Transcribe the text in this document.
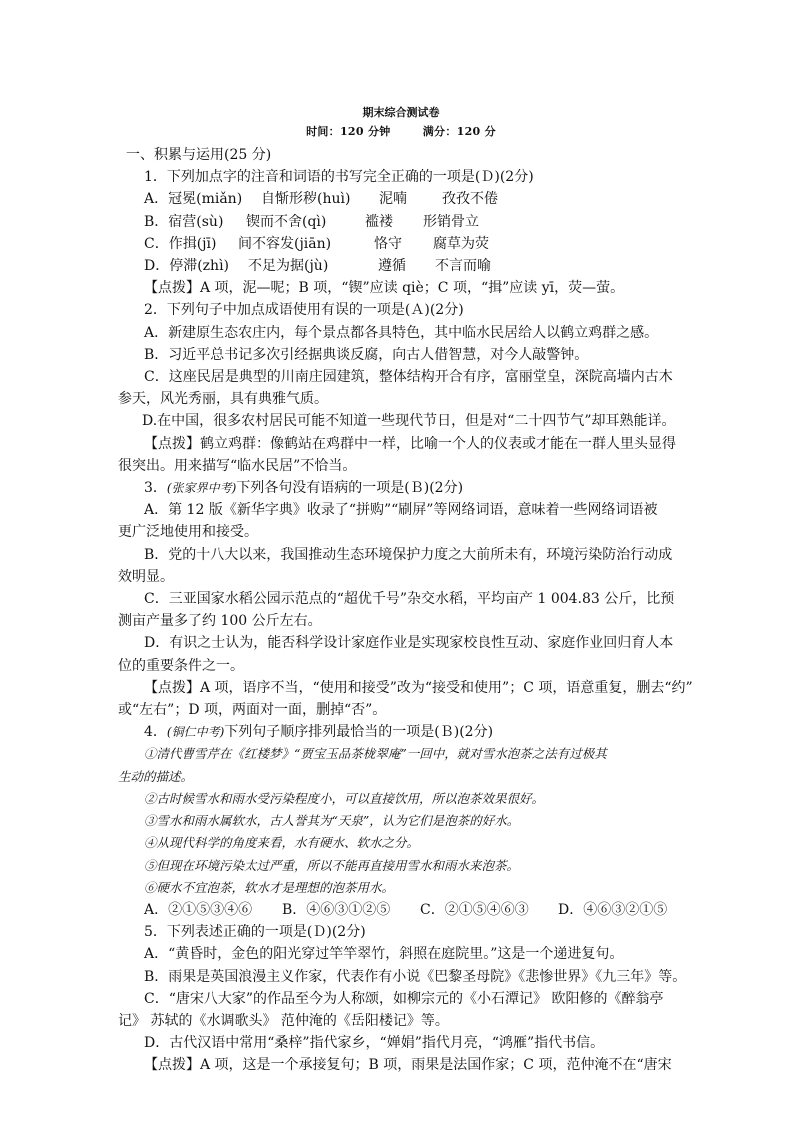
期末综合测试卷
时间：120 分钟	满分：120 分
一、积累与运用(25 分)
1．下列加点字的注音和词语的书写完全正确的一项是(Ｄ)(2分)
A．冠冕(miǎn) 自惭形秽(huì) 泥喃	孜孜不倦
B．宿营(sù) 锲而不舍(qì)	褴褛 形销骨立
C．作揖(jī) 间不容发(jiān)	恪守 腐草为荧
D．停滞(zhì) 不足为据(jù)	遵循 不言而喻
【点拨】A 项，泥—呢；B 项，“锲”应读 qiè；C 项，“揖”应读 yī，荧—萤。
2．下列句子中加点成语使用有误的一项是(Ａ)(2分)
A．新建原生态农庄内，每个景点都各具特色，其中临水民居给人以鹤立鸡群之感。
B．习近平总书记多次引经据典谈反腐，向古人借智慧，对今人敲警钟。
C．这座民居是典型的川南庄园建筑，整体结构开合有序，富丽堂皇，深院高墙内古木
参天，风光秀丽，具有典雅气质。
D.在中国，很多农村居民可能不知道一些现代节日，但是对“二十四节气”却耳熟能详。
【点拨】鹤立鸡群：像鹤站在鸡群中一样，比喻一个人的仪表或才能在一群人里头显得
很突出。用来描写“临水民居”不恰当。
3．(张家界中考)下列各句没有语病的一项是(Ｂ)(2分)
A．第 12 版《新华字典》收录了“拼购”“刷屏”等网络词语，意味着一些网络词语被
更广泛地使用和接受。
B．党的十八大以来，我国推动生态环境保护力度之大前所未有，环境污染防治行动成
效明显。
C．三亚国家水稻公园示范点的“超优千号”杂交水稻，平均亩产 1 004.83 公斤，比预
测亩产量多了约 100 公斤左右。
D．有识之士认为，能否科学设计家庭作业是实现家校良性互动、家庭作业回归育人本
位的重要条件之一。
【点拨】A 项，语序不当，“使用和接受”改为“接受和使用”；C 项，语意重复，删去“约”
或“左右”；D 项，两面对一面，删掉“否”。
4．(铜仁中考)下列句子顺序排列最恰当的一项是(Ｂ)(2分)
①清代曹雪芹在《红楼梦》“贾宝玉品茶栊翠庵”一回中，就对雪水泡茶之法有过极其
生动的描述。
②古时候雪水和雨水受污染程度小，可以直接饮用，所以泡茶效果很好。
③雪水和雨水属软水，古人誉其为“天泉”，认为它们是泡茶的好水。
④从现代科学的角度来看，水有硬水、软水之分。
⑤但现在环境污染太过严重，所以不能再直接用雪水和雨水来泡茶。
⑥硬水不宜泡茶，软水才是理想的泡茶用水。
A．②①⑤③④⑥ B．④⑥③①②⑤ C．②①⑤④⑥③ D．④⑥③②①⑤
5．下列表述正确的一项是(Ｄ)(2分)
A．“黄昏时，金色的阳光穿过竿竿翠竹，斜照在庭院里。”这是一个递进复句。
B．雨果是英国浪漫主义作家，代表作有小说《巴黎圣母院》《悲惨世界》《九三年》等。
C．“唐宋八大家”的作品至今为人称颂，如柳宗元的《小石潭记》 欧阳修的《醉翁亭
记》 苏轼的《水调歌头》 范仲淹的《岳阳楼记》等。
D．古代汉语中常用“桑梓”指代家乡，“婵娟”指代月亮，“鸿雁”指代书信。
【点拨】A 项，这是一个承接复句；B 项，雨果是法国作家；C 项，范仲淹不在“唐宋
